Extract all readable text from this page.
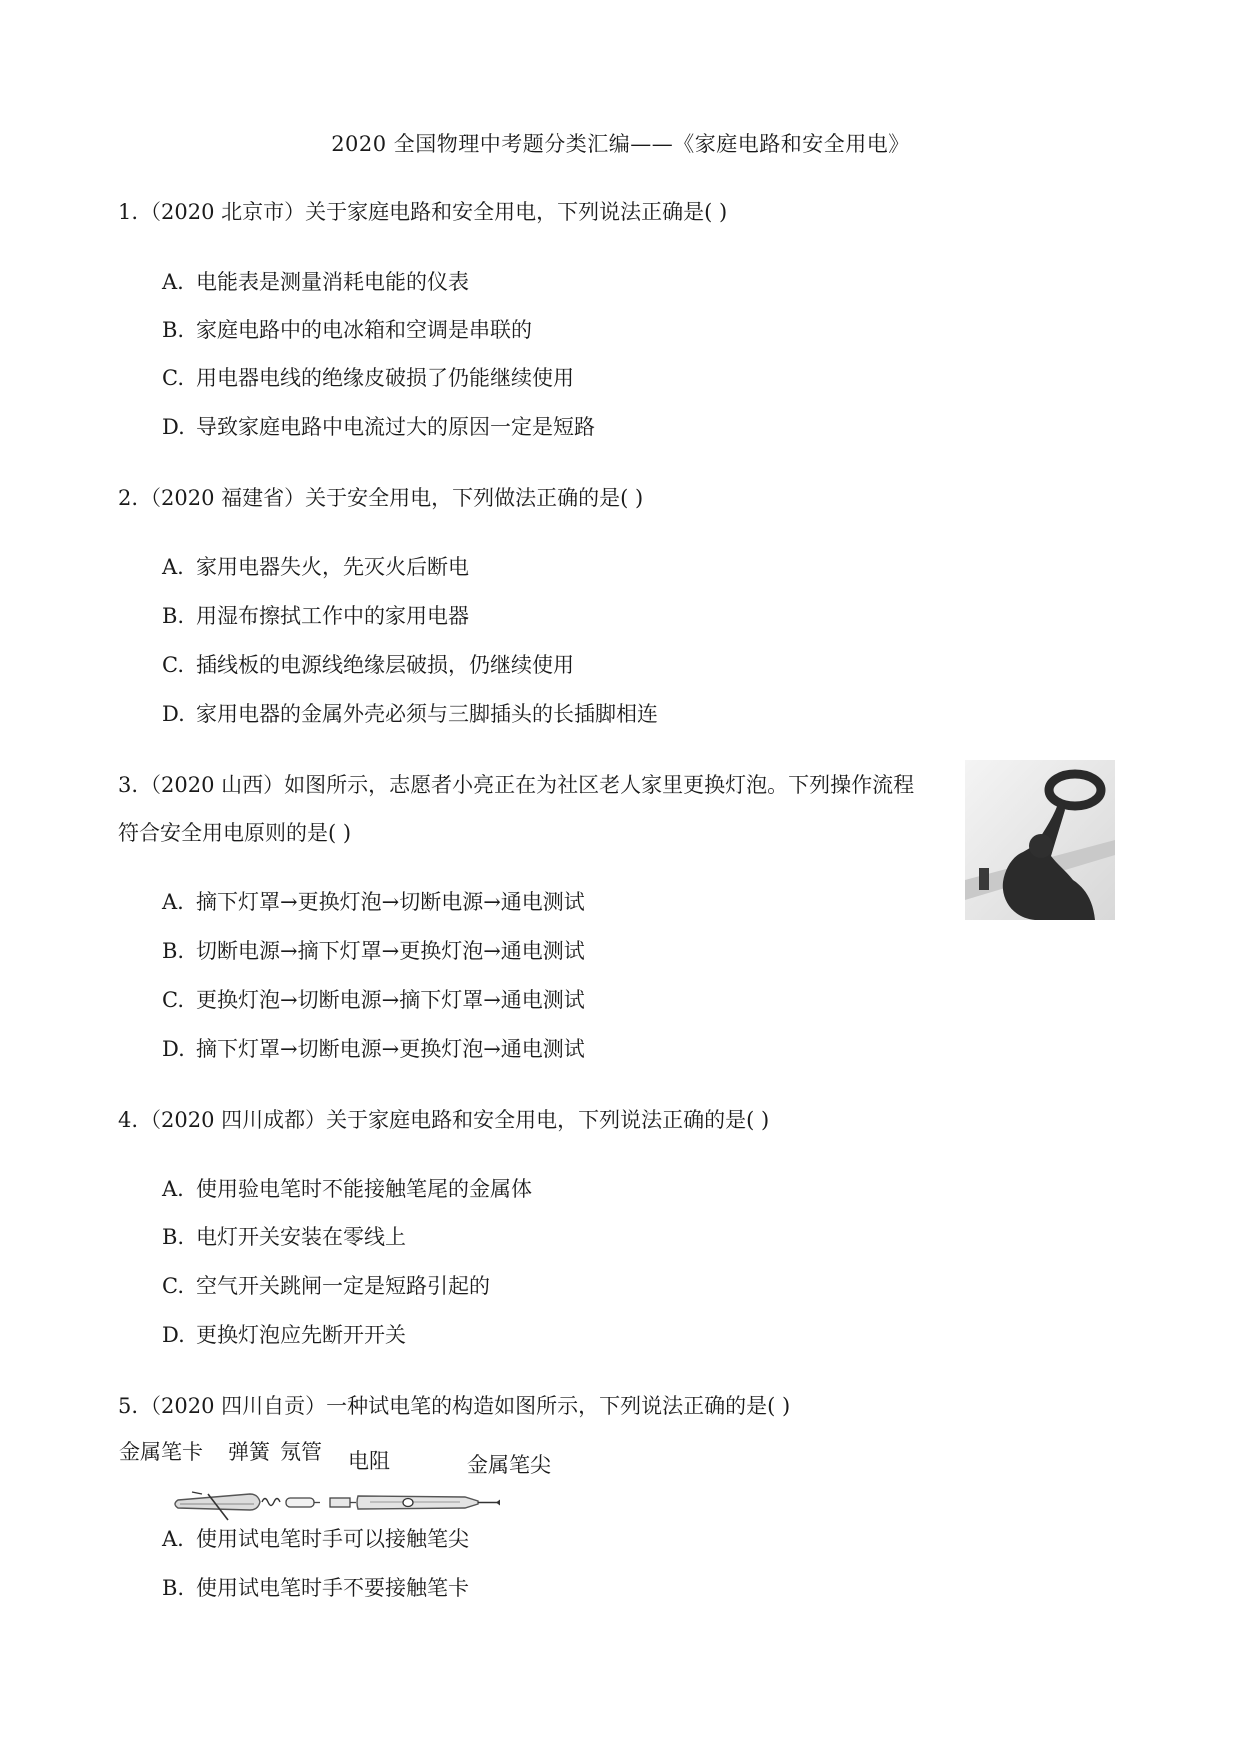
2020 全国物理中考题分类汇编——《家庭电路和安全用电》
1.（2020 北京市）关于家庭电路和安全用电，下列说法正确是( )
A. 电能表是测量消耗电能的仪表
B. 家庭电路中的电冰箱和空调是串联的
C. 用电器电线的绝缘皮破损了仍能继续使用
D. 导致家庭电路中电流过大的原因一定是短路
2.（2020 福建省）关于安全用电，下列做法正确的是( )
A. 家用电器失火，先灭火后断电
B. 用湿布擦拭工作中的家用电器
C. 插线板的电源线绝缘层破损，仍继续使用
D. 家用电器的金属外壳必须与三脚插头的长插脚相连
3.（2020 山西）如图所示，志愿者小亮正在为社区老人家里更换灯泡。下列操作流程
符合安全用电原则的是( )
A. 摘下灯罩→更换灯泡→切断电源→通电测试
B. 切断电源→摘下灯罩→更换灯泡→通电测试
C. 更换灯泡→切断电源→摘下灯罩→通电测试
D. 摘下灯罩→切断电源→更换灯泡→通电测试
4.（2020 四川成都）关于家庭电路和安全用电，下列说法正确的是( )
A. 使用验电笔时不能接触笔尾的金属体
B. 电灯开关安装在零线上
C. 空气开关跳闸一定是短路引起的
D. 更换灯泡应先断开开关
5.（2020 四川自贡）一种试电笔的构造如图所示，下列说法正确的是( )
金属笔卡 弹簧 氖管 电阻	金属笔尖
A. 使用试电笔时手可以接触笔尖
B. 使用试电笔时手不要接触笔卡
